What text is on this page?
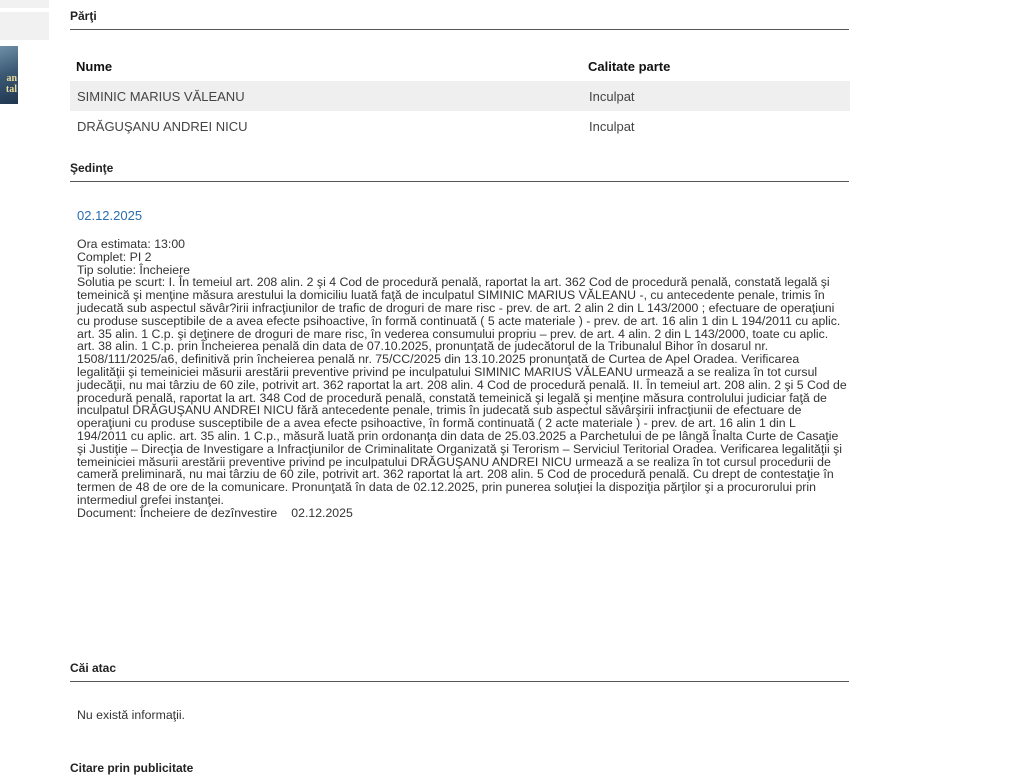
an
tal
Părţi
Nume	Calitate parte
SIMINIC MARIUS VĂLEANU	Inculpat
DRĂGUŞANU ANDREI NICU	Inculpat
Şedinţe
02.12.2025
Ora estimata: 13:00
Complet: PI 2
Tip solutie: Încheiere
Solutia pe scurt: I. În temeiul art. 208 alin. 2 şi 4 Cod de procedură penală, raportat la art. 362 Cod de procedură penală, constată legală şi temeinică şi menţine măsura arestului la domiciliu luată faţă de inculpatul SIMINIC MARIUS VĂLEANU -, cu antecedente penale, trimis în judecată sub aspectul săvâr?irii infracţiunilor de trafic de droguri de mare risc - prev. de art. 2 alin 2 din L 143/2000 ; efectuare de operaţiuni cu produse susceptibile de a avea efecte psihoactive, în formă continuată ( 5 acte materiale ) - prev. de art. 16 alin 1 din L 194/2011 cu aplic. art. 35 alin. 1 C.p. şi deţinere de droguri de mare risc, în vederea consumului propriu – prev. de art. 4 alin. 2 din L 143/2000, toate cu aplic. art. 38 alin. 1 C.p. prin Încheierea penală din data de 07.10.2025, pronunţată de judecătorul de la Tribunalul Bihor în dosarul nr. 1508/111/2025/a6, definitivă prin încheierea penală nr. 75/CC/2025 din 13.10.2025 pronunţată de Curtea de Apel Oradea. Verificarea legalităţii şi temeiniciei măsurii arestării preventive privind pe inculpatului SIMINIC MARIUS VĂLEANU urmează a se realiza în tot cursul judecăţii, nu mai târziu de 60 zile, potrivit art. 362 raportat la art. 208 alin. 4 Cod de procedură penală. II. În temeiul art. 208 alin. 2 şi 5 Cod de procedură penală, raportat la art. 348 Cod de procedură penală, constată temeinică şi legală şi menţine măsura controlului judiciar faţă de inculpatul DRĂGUŞANU ANDREI NICU fără antecedente penale, trimis în judecată sub aspectul săvârşirii infracţiunii de efectuare de operaţiuni cu produse susceptibile de a avea efecte psihoactive, în formă continuată ( 2 acte materiale ) - prev. de art. 16 alin 1 din L 194/2011 cu aplic. art. 35 alin. 1 C.p., măsură luată prin ordonanţa din data de 25.03.2025 a Parchetului de pe lângă Înalta Curte de Casaţie şi Justiţie – Direcţia de Investigare a Infracţiunilor de Criminalitate Organizată şi Terorism – Serviciul Teritorial Oradea. Verificarea legalităţii şi temeiniciei măsurii arestării preventive privind pe inculpatului DRĂGUŞANU ANDREI NICU urmează a se realiza în tot cursul procedurii de cameră preliminară, nu mai târziu de 60 zile, potrivit art. 362 raportat la art. 208 alin. 5 Cod de procedură penală. Cu drept de contestaţie în termen de 48 de ore de la comunicare. Pronunţată în data de 02.12.2025, prin punerea soluţiei la dispoziţia părţilor şi a procurorului prin intermediul grefei instanţei.
Document: Încheiere de dezînvestire 02.12.2025
Căi atac
Nu există informaţii.
Citare prin publicitate
